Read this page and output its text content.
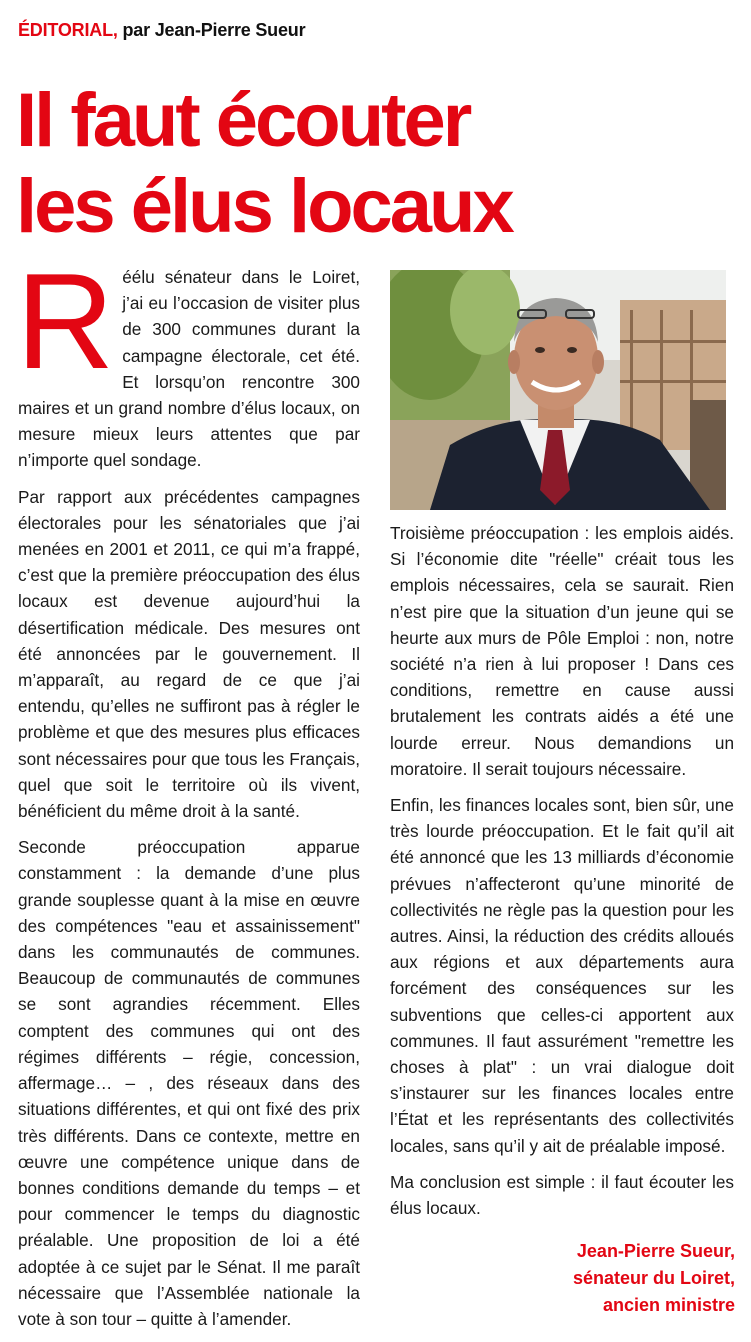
ÉDITORIAL, par Jean-Pierre Sueur
Il faut écouter
les élus locaux

Réélu sénateur dans le Loiret, j’ai eu l’occasion de visiter plus de 300 communes durant la campagne électorale, cet été. Et lorsqu’on rencontre 300 maires et un grand nombre d’élus locaux, on mesure mieux leurs attentes que par n’importe quel sondage.

Par rapport aux précédentes campagnes électorales pour les sénatoriales que j’ai menées en 2001 et 2011, ce qui m’a frappé, c’est que la première préoccupation des élus locaux est devenue aujourd’hui la désertification médicale. Des mesures ont été annoncées par le gouvernement. Il m’apparaît, au regard de ce que j’ai entendu, qu’elles ne suffiront pas à régler le problème et que des mesures plus efficaces sont nécessaires pour que tous les Français, quel que soit le territoire où ils vivent, bénéficient du même droit à la santé.

Seconde préoccupation apparue constamment : la demande d’une plus grande souplesse quant à la mise en œuvre des compétences "eau et assainissement" dans les communautés de communes. Beaucoup de communautés de communes se sont agrandies récemment. Elles comptent des communes qui ont des régimes différents – régie, concession, affermage… – , des réseaux dans des situations différentes, et qui ont fixé des prix très différents. Dans ce contexte, mettre en œuvre une compétence unique dans de bonnes conditions demande du temps – et pour commencer le temps du diagnostic préalable. Une proposition de loi a été adoptée à ce sujet par le Sénat. Il me paraît nécessaire que l’Assemblée nationale la vote à son tour – quitte à l’amender.

Troisième préoccupation : les emplois aidés. Si l’économie dite "réelle" créait tous les emplois nécessaires, cela se saurait. Rien n’est pire que la situation d’un jeune qui se heurte aux murs de Pôle Emploi : non, notre société n’a rien à lui proposer ! Dans ces conditions, remettre en cause aussi brutalement les contrats aidés a été une lourde erreur. Nous demandions un moratoire. Il serait toujours nécessaire.

Enfin, les finances locales sont, bien sûr, une très lourde préoccupation. Et le fait qu’il ait été annoncé que les 13 milliards d’économie prévues n’affecteront qu’une minorité de collectivités ne règle pas la question pour les autres. Ainsi, la réduction des crédits alloués aux régions et aux départements aura forcément des conséquences sur les subventions que celles-ci apportent aux communes. Il faut assurément "remettre les choses à plat" : un vrai dialogue doit s’instaurer sur les finances locales entre l’État et les représentants des collectivités locales, sans qu’il y ait de préalable imposé.

Ma conclusion est simple : il faut écouter les élus locaux.

Jean-Pierre Sueur,
sénateur du Loiret,
ancien ministre
